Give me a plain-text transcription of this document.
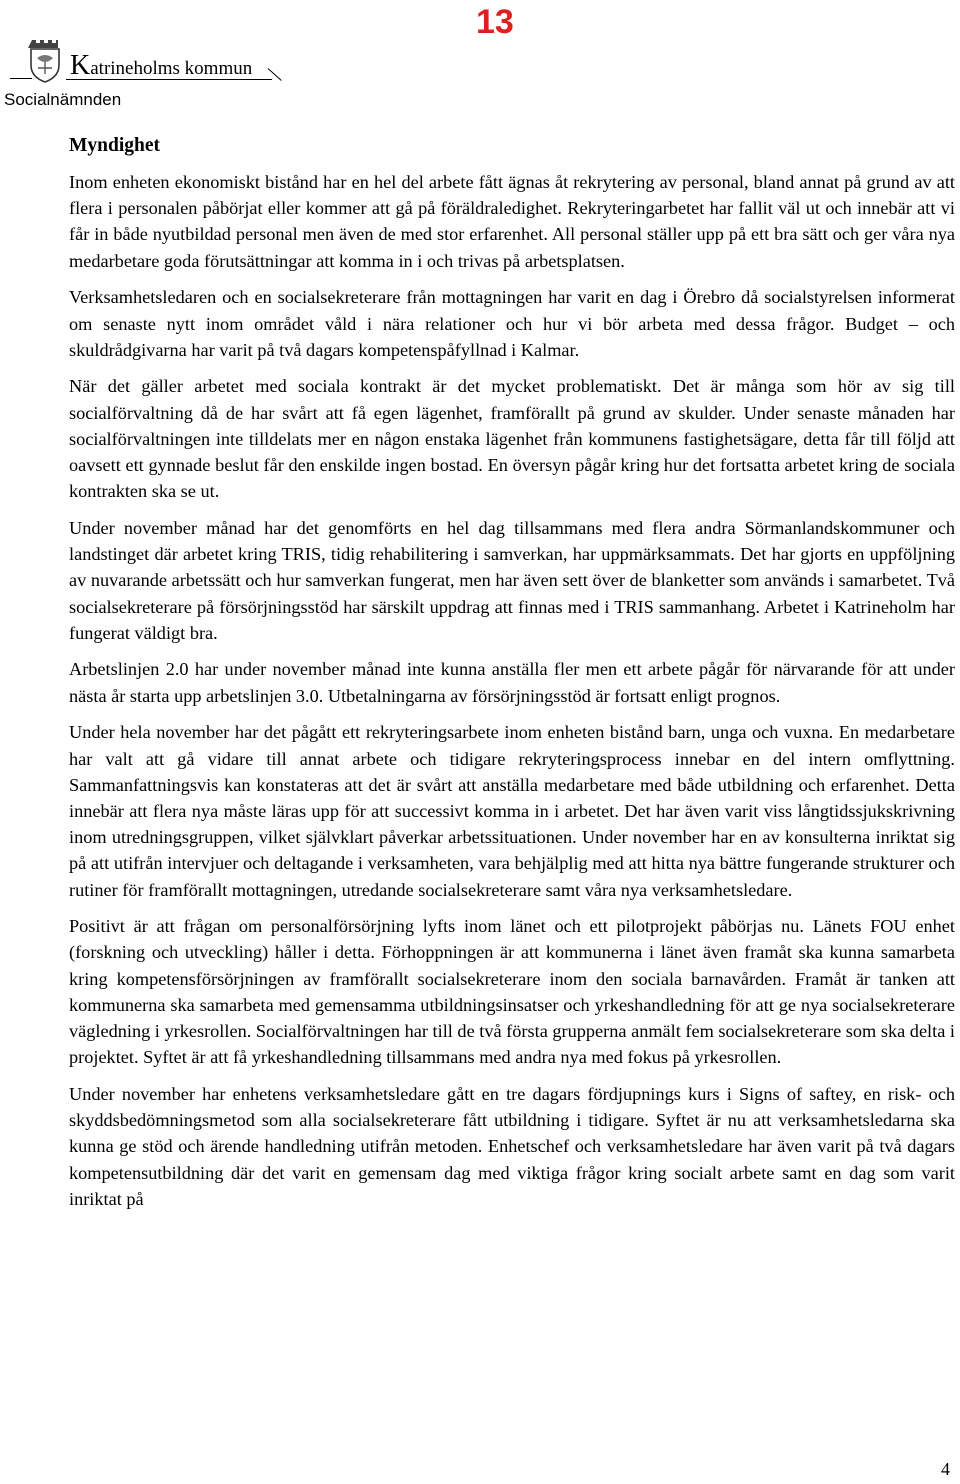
Katrineholms kommun
Socialnämnden
13
Myndighet

Inom enheten ekonomiskt bistånd har en hel del arbete fått ägnas åt rekrytering av personal, bland annat på grund av att flera i personalen påbörjat eller kommer att gå på föräldraledighet. Rekryteringarbetet har fallit väl ut och innebär att vi får in både nyutbildad personal men även de med stor erfarenhet. All personal ställer upp på ett bra sätt och ger våra nya medarbetare goda förutsättningar att komma in i och trivas på arbetsplatsen.

Verksamhetsledaren och en socialsekreterare från mottagningen har varit en dag i Örebro då socialstyrelsen informerat om senaste nytt inom området våld i nära relationer och hur vi bör arbeta med dessa frågor. Budget – och skuldrådgivarna har varit på två dagars kompetenspåfyllnad i Kalmar.

När det gäller arbetet med sociala kontrakt är det mycket problematiskt. Det är många som hör av sig till socialförvaltning då de har svårt att få egen lägenhet, framförallt på grund av skulder. Under senaste månaden har socialförvaltningen inte tilldelats mer en någon enstaka lägenhet från kommunens fastighetsägare, detta får till följd att oavsett ett gynnade beslut får den enskilde ingen bostad. En översyn pågår kring hur det fortsatta arbetet kring de sociala kontrakten ska se ut.

Under november månad har det genomförts en hel dag tillsammans med flera andra Sörmanlandskommuner och landstinget där arbetet kring TRIS, tidig rehabilitering i samverkan, har uppmärksammats. Det har gjorts en uppföljning av nuvarande arbetssätt och hur samverkan fungerat, men har även sett över de blanketter som används i samarbetet. Två socialsekreterare på försörjningsstöd har särskilt uppdrag att finnas med i TRIS sammanhang. Arbetet i Katrineholm har fungerat väldigt bra.

Arbetslinjen 2.0 har under november månad inte kunna anställa fler men ett arbete pågår för närvarande för att under nästa år starta upp arbetslinjen 3.0. Utbetalningarna av försörjningsstöd är fortsatt enligt prognos.

Under hela november har det pågått ett rekryteringsarbete inom enheten bistånd barn, unga och vuxna. En medarbetare har valt att gå vidare till annat arbete och tidigare rekryteringsprocess innebar en del intern omflyttning. Sammanfattningsvis kan konstateras att det är svårt att anställa medarbetare med både utbildning och erfarenhet. Detta innebär att flera nya måste läras upp för att successivt komma in i arbetet. Det har även varit viss långtidssjukskrivning inom utredningsgruppen, vilket självklart påverkar arbetssituationen. Under november har en av konsulterna inriktat sig på att utifrån intervjuer och deltagande i verksamheten, vara behjälplig med att hitta nya bättre fungerande strukturer och rutiner för framförallt mottagningen, utredande socialsekreterare samt våra nya verksamhetsledare.

Positivt är att frågan om personalförsörjning lyfts inom länet och ett pilotprojekt påbörjas nu. Länets FOU enhet (forskning och utveckling) håller i detta. Förhoppningen är att kommunerna i länet även framåt ska kunna samarbeta kring kompetensförsörjningen av framförallt socialsekreterare inom den sociala barnavården. Framåt är tanken att kommunerna ska samarbeta med gemensamma utbildningsinsatser och yrkeshandledning för att ge nya socialsekreterare vägledning i yrkesrollen. Socialförvaltningen har till de två första grupperna anmält fem socialsekreterare som ska delta i projektet. Syftet är att få yrkeshandledning tillsammans med andra nya med fokus på yrkesrollen.

Under november har enhetens verksamhetsledare gått en tre dagars fördjupnings kurs i Signs of saftey, en risk- och skyddsbedömningsmetod som alla socialsekreterare fått utbildning i tidigare. Syftet är nu att verksamhetsledarna ska kunna ge stöd och ärende handledning utifrån metoden. Enhetschef och verksamhetsledare har även varit på två dagars kompetensutbildning där det varit en gemensam dag med viktiga frågor kring socialt arbete samt en dag som varit inriktat på

4
